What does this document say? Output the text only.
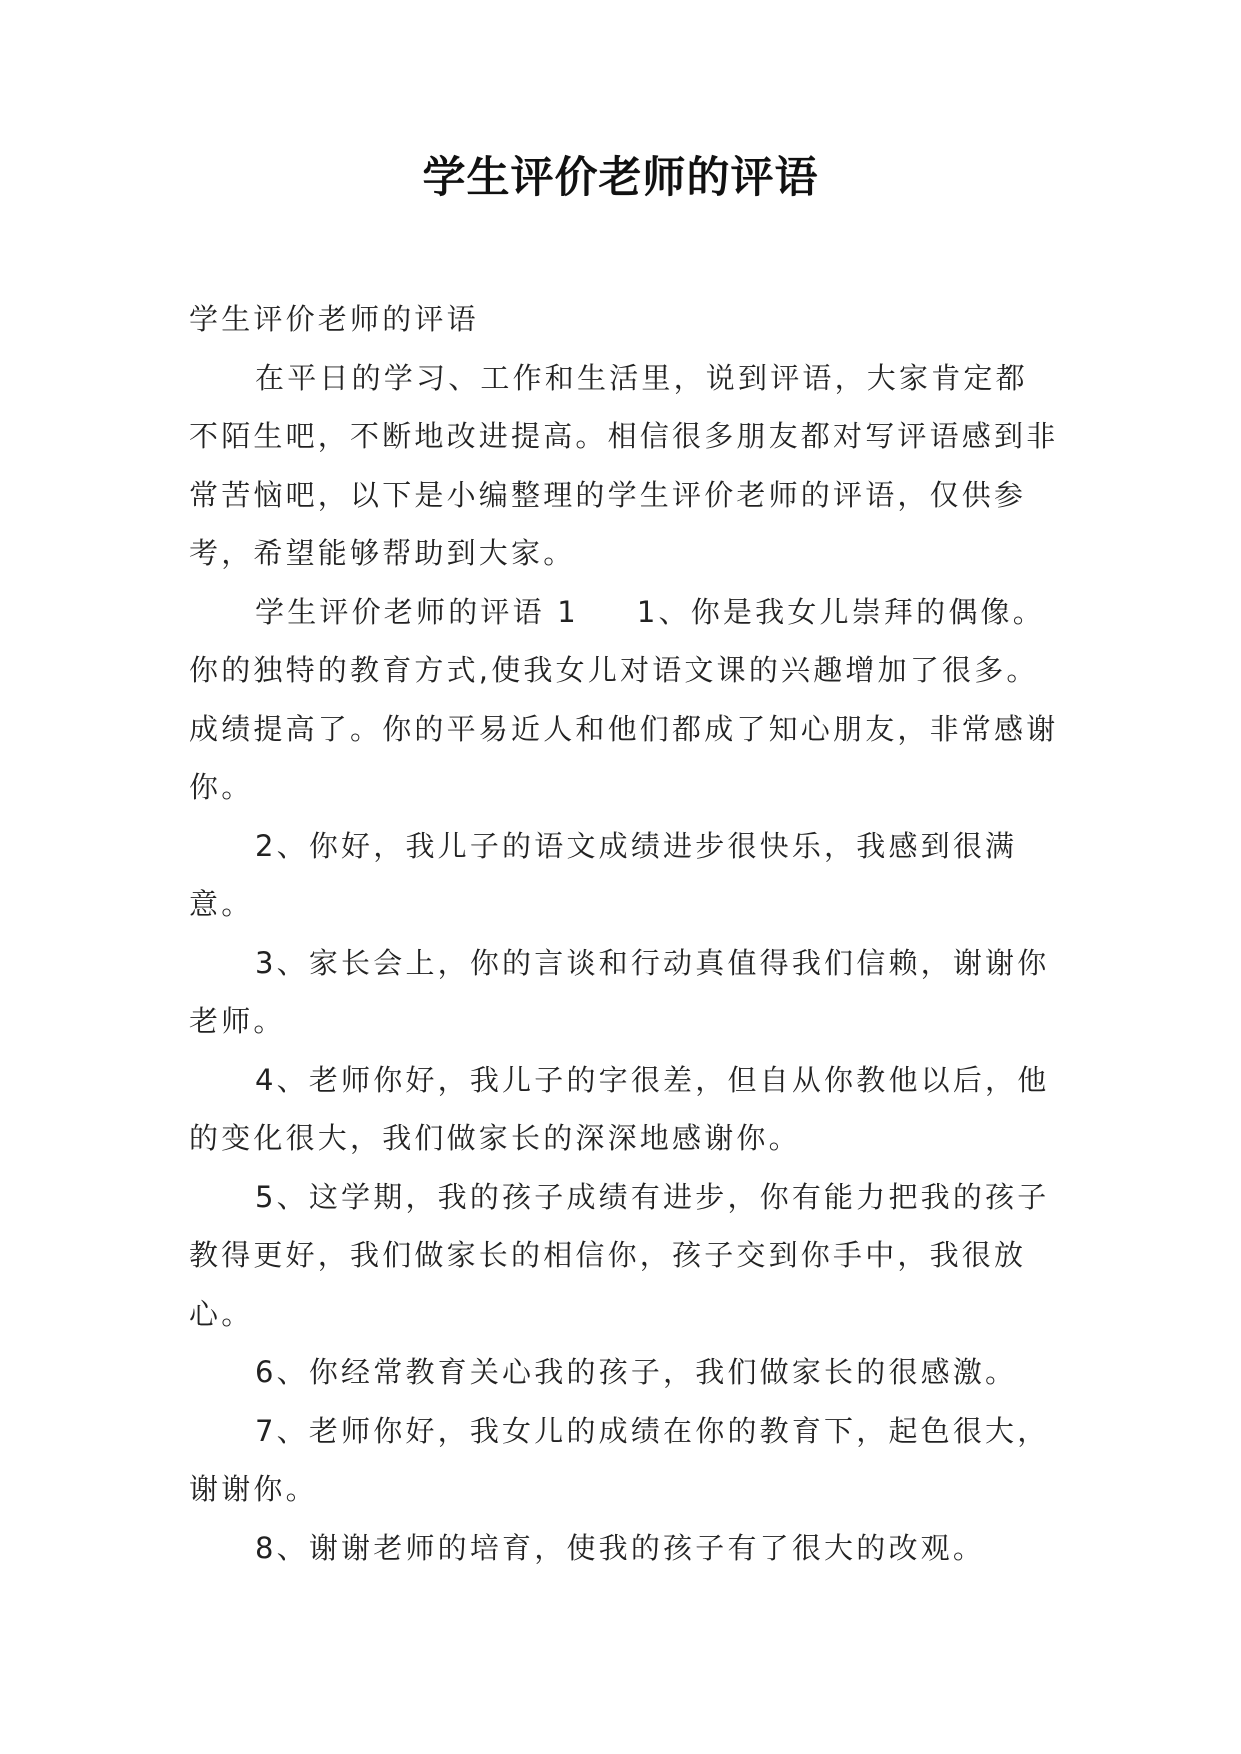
学生评价老师的评语

学生评价老师的评语

在平日的学习、工作和生活里，说到评语，大家肯定都不陌生吧，不断地改进提高。相信很多朋友都对写评语感到非常苦恼吧，以下是小编整理的学生评价老师的评语，仅供参考，希望能够帮助到大家。

学生评价老师的评语 1 1、你是我女儿崇拜的偶像。你的独特的教育方式,使我女儿对语文课的兴趣增加了很多。成绩提高了。你的平易近人和他们都成了知心朋友，非常感谢你。

2、你好，我儿子的语文成绩进步很快乐，我感到很满意。

3、家长会上，你的言谈和行动真值得我们信赖，谢谢你老师。

4、老师你好，我儿子的字很差，但自从你教他以后，他的变化很大，我们做家长的深深地感谢你。

5、这学期，我的孩子成绩有进步，你有能力把我的孩子教得更好，我们做家长的相信你，孩子交到你手中，我很放心。

6、你经常教育关心我的孩子，我们做家长的很感激。

7、老师你好，我女儿的成绩在你的教育下，起色很大，谢谢你。

8、谢谢老师的培育，使我的孩子有了很大的改观。
